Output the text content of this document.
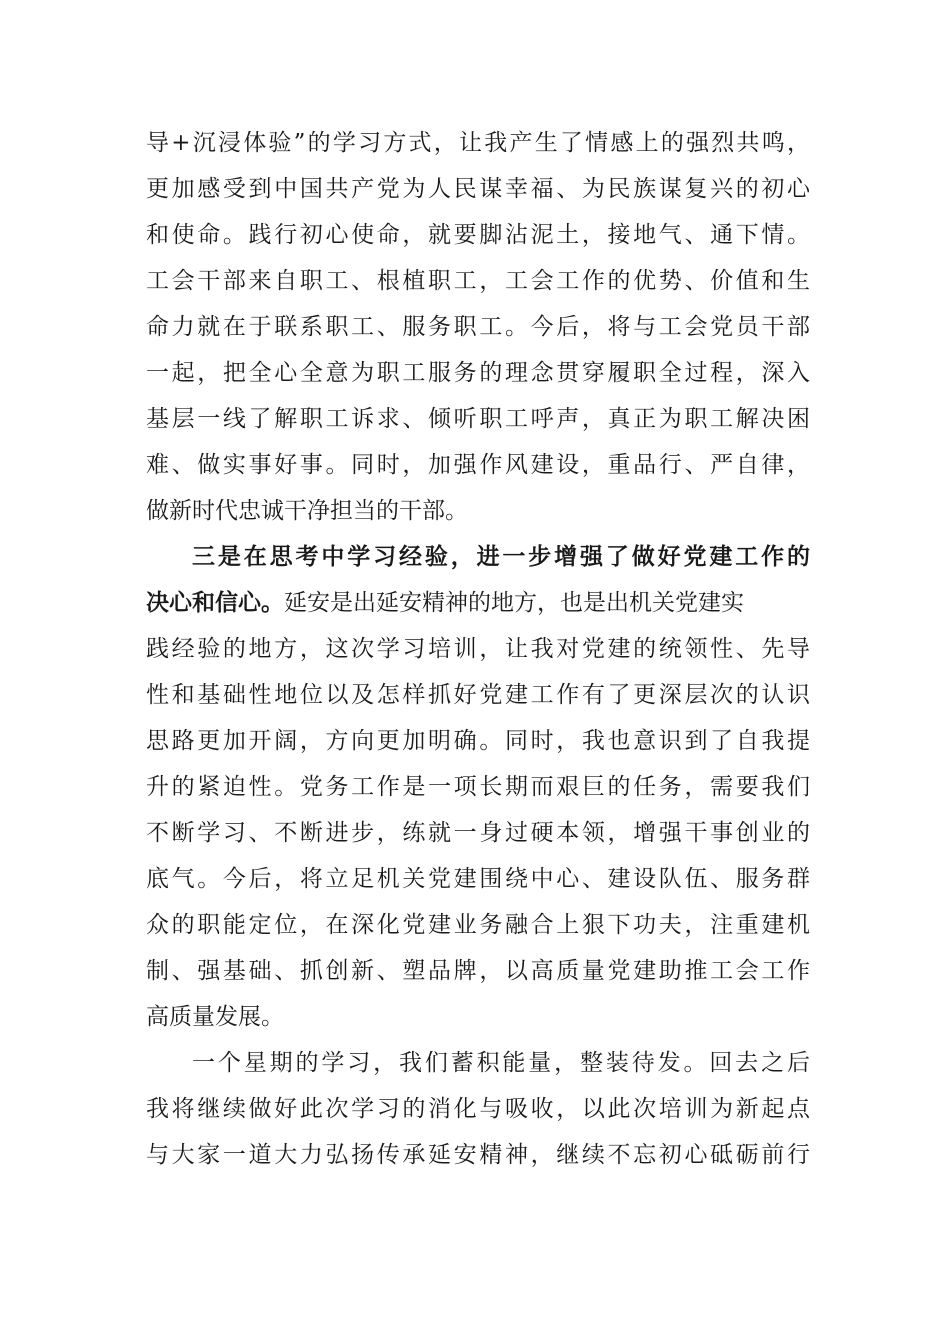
导+沉浸体验”的学习方式，让我产生了情感上的强烈共鸣，
更加感受到中国共产党为人民谋幸福、为民族谋复兴的初心
和使命。践行初心使命，就要脚沾泥土，接地气、通下情。
工会干部来自职工、根植职工，工会工作的优势、价值和生
命力就在于联系职工、服务职工。今后，将与工会党员干部
一起，把全心全意为职工服务的理念贯穿履职全过程，深入
基层一线了解职工诉求、倾听职工呼声，真正为职工解决困
难、做实事好事。同时，加强作风建设，重品行、严自律，
做新时代忠诚干净担当的干部。
三是在思考中学习经验，进一步增强了做好党建工作的
决心和信心。延安是出延安精神的地方，也是出机关党建实
践经验的地方，这次学习培训，让我对党建的统领性、先导
性和基础性地位以及怎样抓好党建工作有了更深层次的认识
思路更加开阔，方向更加明确。同时，我也意识到了自我提
升的紧迫性。党务工作是一项长期而艰巨的任务，需要我们
不断学习、不断进步，练就一身过硬本领，增强干事创业的
底气。今后，将立足机关党建围绕中心、建设队伍、服务群
众的职能定位，在深化党建业务融合上狠下功夫，注重建机
制、强基础、抓创新、塑品牌，以高质量党建助推工会工作
高质量发展。
一个星期的学习，我们蓄积能量，整装待发。回去之后
我将继续做好此次学习的消化与吸收，以此次培训为新起点
与大家一道大力弘扬传承延安精神，继续不忘初心砥砺前行
